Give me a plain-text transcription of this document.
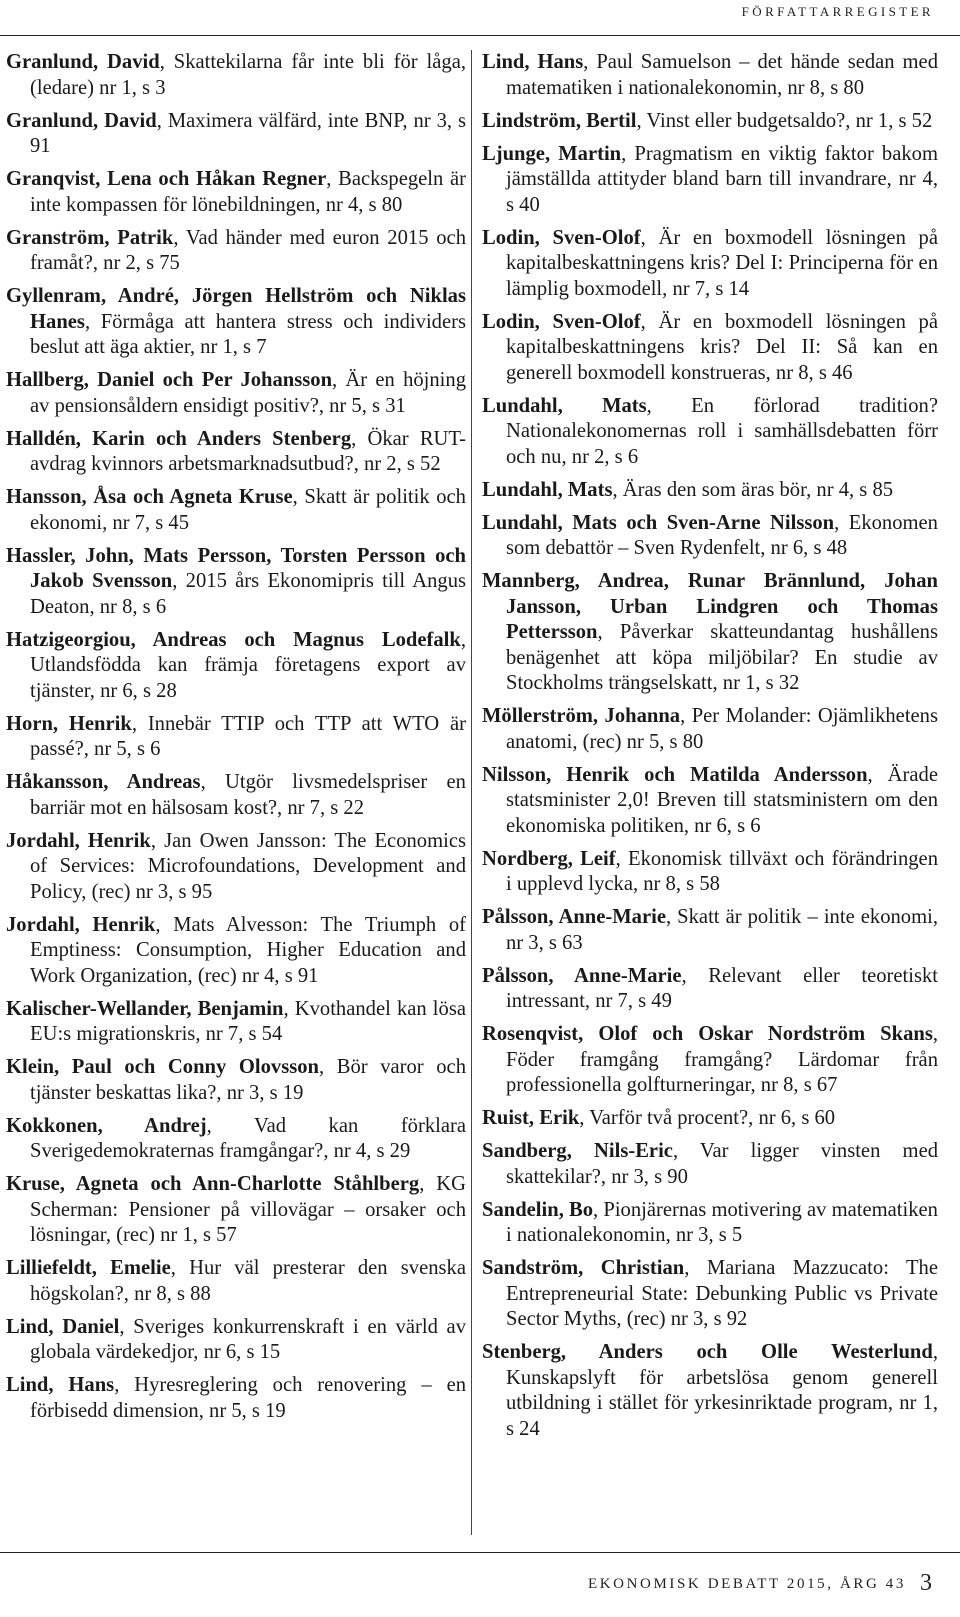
FÖRFATTARREGISTER

Granlund, David, Skattekilarna får inte bli för låga, (ledare) nr 1, s 3

Granlund, David, Maximera välfärd, inte BNP, nr 3, s 91

Granqvist, Lena och Håkan Regner, Backspegeln är inte kompassen för lönebildningen, nr 4, s 80

Granström, Patrik, Vad händer med euron 2015 och framåt?, nr 2, s 75

Gyllenram, André, Jörgen Hellström och Niklas Hanes, Förmåga att hantera stress och individers beslut att äga aktier, nr 1, s 7

Hallberg, Daniel och Per Johansson, Är en höjning av pensionsåldern ensidigt positiv?, nr 5, s 31

Halldén, Karin och Anders Stenberg, Ökar RUT-avdrag kvinnors arbetsmarknadsutbud?, nr 2, s 52

Hansson, Åsa och Agneta Kruse, Skatt är politik och ekonomi, nr 7, s 45

Hassler, John, Mats Persson, Torsten Persson och Jakob Svensson, 2015 års Ekonomipris till Angus Deaton, nr 8, s 6

Hatzigeorgiou, Andreas och Magnus Lodefalk, Utlandsfödda kan främja företagens export av tjänster, nr 6, s 28

Horn, Henrik, Innebär TTIP och TTP att WTO är passé?, nr 5, s 6

Håkansson, Andreas, Utgör livsmedelspriser en barriär mot en hälsosam kost?, nr 7, s 22

Jordahl, Henrik, Jan Owen Jansson: The Economics of Services: Microfoundations, Development and Policy, (rec) nr 3, s 95

Jordahl, Henrik, Mats Alvesson: The Triumph of Emptiness: Consumption, Higher Education and Work Organization, (rec) nr 4, s 91

Kalischer-Wellander, Benjamin, Kvothandel kan lösa EU:s migrationskris, nr 7, s 54

Klein, Paul och Conny Olovsson, Bör varor och tjänster beskattas lika?, nr 3, s 19

Kokkonen, Andrej, Vad kan förklara Sverigedemokraternas framgångar?, nr 4, s 29

Kruse, Agneta och Ann-Charlotte Ståhlberg, KG Scherman: Pensioner på villovägar – orsaker och lösningar, (rec) nr 1, s 57

Lilliefeldt, Emelie, Hur väl presterar den svenska högskolan?, nr 8, s 88

Lind, Daniel, Sveriges konkurrenskraft i en värld av globala värdekedjor, nr 6, s 15

Lind, Hans, Hyresreglering och renovering – en förbisedd dimension, nr 5, s 19

Lind, Hans, Paul Samuelson – det hände sedan med matematiken i nationalekonomin, nr 8, s 80

Lindström, Bertil, Vinst eller budgetsaldo?, nr 1, s 52

Ljunge, Martin, Pragmatism en viktig faktor bakom jämställda attityder bland barn till invandrare, nr 4, s 40

Lodin, Sven-Olof, Är en boxmodell lösningen på kapitalbeskattningens kris? Del I: Principerna för en lämplig boxmodell, nr 7, s 14

Lodin, Sven-Olof, Är en boxmodell lösningen på kapitalbeskattningens kris? Del II: Så kan en generell boxmodell konstrueras, nr 8, s 46

Lundahl, Mats, En förlorad tradition? Nationalekonomernas roll i samhällsdebatten förr och nu, nr 2, s 6

Lundahl, Mats, Äras den som äras bör, nr 4, s 85

Lundahl, Mats och Sven-Arne Nilsson, Ekonomen som debattör – Sven Rydenfelt, nr 6, s 48

Mannberg, Andrea, Runar Brännlund, Johan Jansson, Urban Lindgren och Thomas Pettersson, Påverkar skatteundantag hushållens benägenhet att köpa miljöbilar? En studie av Stockholms trängselskatt, nr 1, s 32

Möllerström, Johanna, Per Molander: Ojämlikhetens anatomi, (rec) nr 5, s 80

Nilsson, Henrik och Matilda Andersson, Ärade statsminister 2,0! Breven till statsministern om den ekonomiska politiken, nr 6, s 6

Nordberg, Leif, Ekonomisk tillväxt och förändringen i upplevd lycka, nr 8, s 58

Pålsson, Anne-Marie, Skatt är politik – inte ekonomi, nr 3, s 63

Pålsson, Anne-Marie, Relevant eller teoretiskt intressant, nr 7, s 49

Rosenqvist, Olof och Oskar Nordström Skans, Föder framgång framgång? Lärdomar från professionella golfturneringar, nr 8, s 67

Ruist, Erik, Varför två procent?, nr 6, s 60

Sandberg, Nils-Eric, Var ligger vinsten med skattekilar?, nr 3, s 90

Sandelin, Bo, Pionjärernas motivering av matematiken i nationalekonomin, nr 3, s 5

Sandström, Christian, Mariana Mazzucato: The Entrepreneurial State: Debunking Public vs Private Sector Myths, (rec) nr 3, s 92

Stenberg, Anders och Olle Westerlund, Kunskapslyft för arbetslösa genom generell utbildning i stället för yrkesinriktade program, nr 1, s 24

EKONOMISK DEBATT 2015, ÅRG 43 3
